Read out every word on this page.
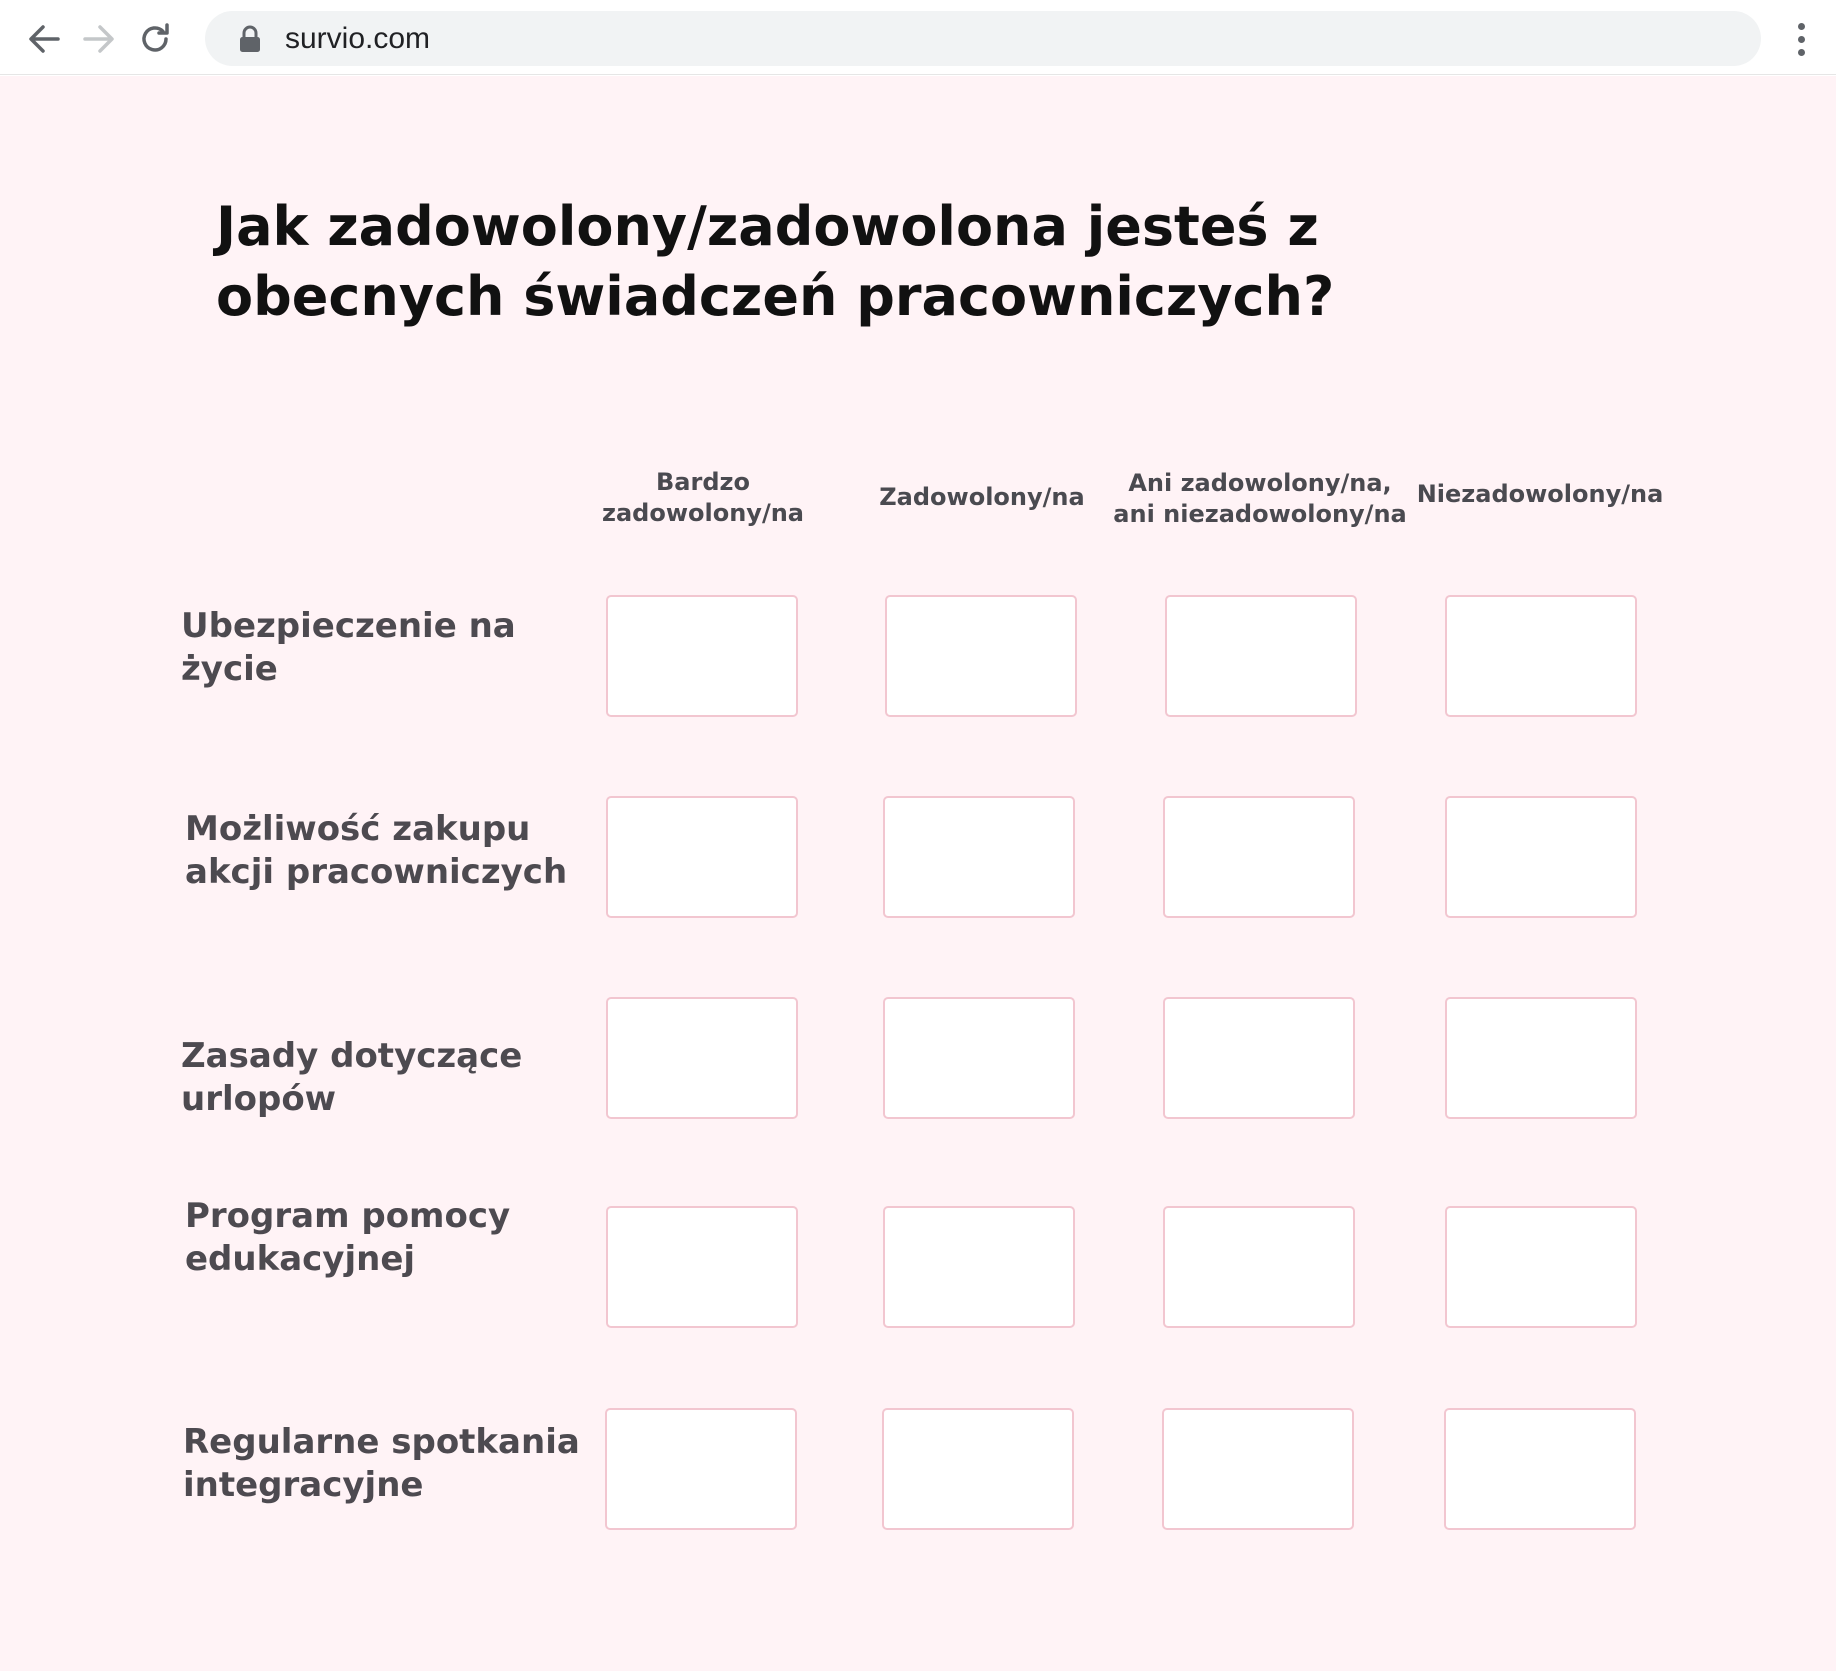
survio.com
Jak zadowolony/zadowolona jesteś z obecnych świadczeń pracowniczych?
Bardzo zadowolony/na
Zadowolony/na	Ani zadowolony/na, ani niezadowolony/na
Niezadowolony/na
Ubezpieczenie na życie
Możliwość zakupu akcji pracowniczych
Zasady dotyczące urlopów
Program pomocy edukacyjnej
Regularne spotkania integracyjne
